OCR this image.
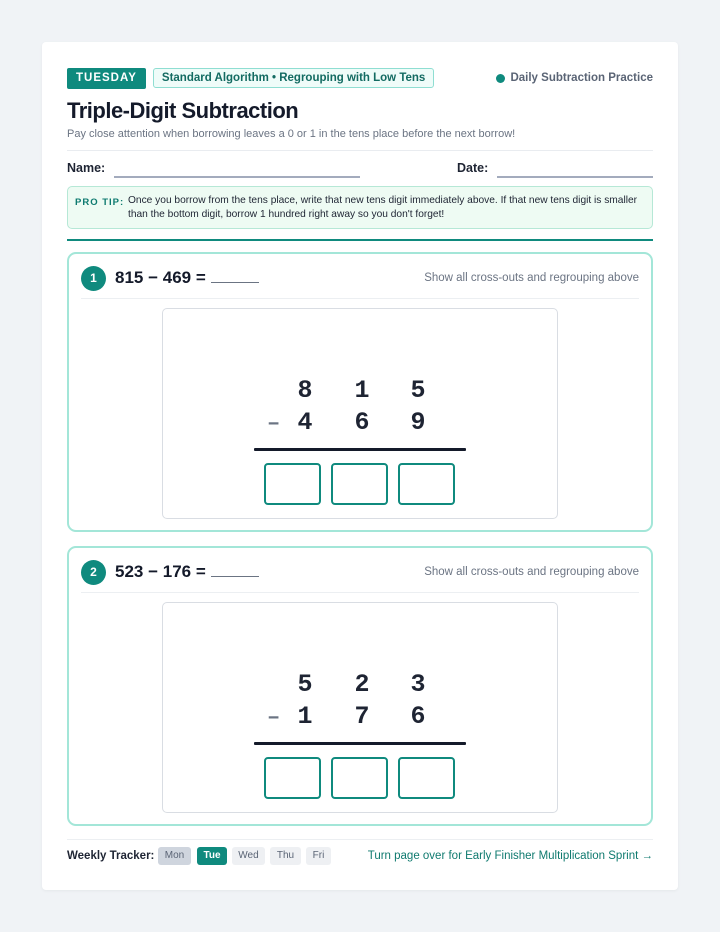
TUESDAY	Standard Algorithm • Regrouping with Low Tens	Daily Subtraction Practice
Triple-Digit Subtraction
Pay close attention when borrowing leaves a 0 or 1 in the tens place before the next borrow!
Name:	Date:
PRO TIP: Once you borrow from the tens place, write that new tens digit immediately above. If that new tens digit is smaller than the bottom digit, borrow 1 hundred right away so you don't forget!
1	815 − 469 =	Show all cross-outs and regrouping above
8	1	5
– 4	6	9
2	523 − 176 =	Show all cross-outs and regrouping above
5	2	3
– 1	7	6
Weekly Tracker:	Mon	Tue	Wed	Thu	Fri	Turn page over for Early Finisher Multiplication Sprint →
